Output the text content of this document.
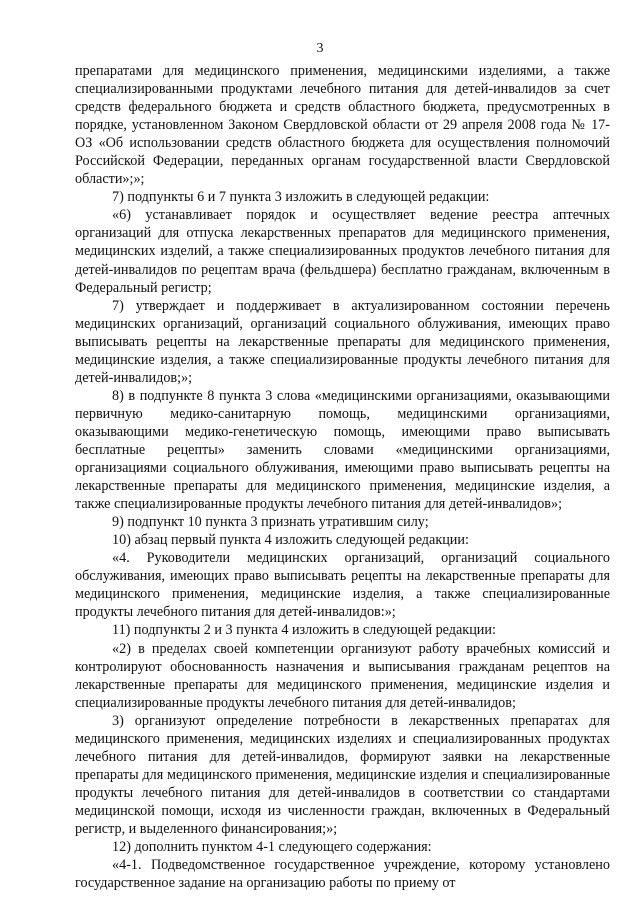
3

препаратами для медицинского применения, медицинскими изделиями, а также специализированными продуктами лечебного питания для детей-инвалидов за счет средств федерального бюджета и средств областного бюджета, предусмотренных в порядке, установленном Законом Свердловской области от 29 апреля 2008 года № 17-ОЗ «Об использовании средств областного бюджета для осуществления полномочий Российской Федерации, переданных органам государственной власти Свердловской области»;»;

7) подпункты 6 и 7 пункта 3 изложить в следующей редакции:

«6) устанавливает порядок и осуществляет ведение реестра аптечных организаций для отпуска лекарственных препаратов для медицинского применения, медицинских изделий, а также специализированных продуктов лечебного питания для детей-инвалидов по рецептам врача (фельдшера) бесплатно гражданам, включенным в Федеральный регистр;

7) утверждает и поддерживает в актуализированном состоянии перечень медицинских организаций, организаций социального облуживания, имеющих право выписывать рецепты на лекарственные препараты для медицинского применения, медицинские изделия, а также специализированные продукты лечебного питания для детей-инвалидов;»;

8) в подпункте 8 пункта 3 слова «медицинскими организациями, оказывающими первичную медико-санитарную помощь, медицинскими организациями, оказывающими медико-генетическую помощь, имеющими право выписывать бесплатные рецепты» заменить словами «медицинскими организациями, организациями социального облуживания, имеющими право выписывать рецепты на лекарственные препараты для медицинского применения, медицинские изделия, а также специализированные продукты лечебного питания для детей-инвалидов»;

9) подпункт 10 пункта 3 признать утратившим силу;

10) абзац первый пункта 4 изложить следующей редакции:

«4. Руководители медицинских организаций, организаций социального обслуживания, имеющих право выписывать рецепты на лекарственные препараты для медицинского применения, медицинские изделия, а также специализированные продукты лечебного питания для детей-инвалидов:»;

11) подпункты 2 и 3 пункта 4 изложить в следующей редакции:

«2) в пределах своей компетенции организуют работу врачебных комиссий и контролируют обоснованность назначения и выписывания гражданам рецептов на лекарственные препараты для медицинского применения, медицинские изделия и специализированные продукты лечебного питания для детей-инвалидов;

3) организуют определение потребности в лекарственных препаратах для медицинского применения, медицинских изделиях и специализированных продуктах лечебного питания для детей-инвалидов, формируют заявки на лекарственные препараты для медицинского применения, медицинские изделия и специализированные продукты лечебного питания для детей-инвалидов в соответствии со стандартами медицинской помощи, исходя из численности граждан, включенных в Федеральный регистр, и выделенного финансирования;»;

12) дополнить пунктом 4-1 следующего содержания:

«4-1. Подведомственное государственное учреждение, которому установлено государственное задание на организацию работы по приему от
